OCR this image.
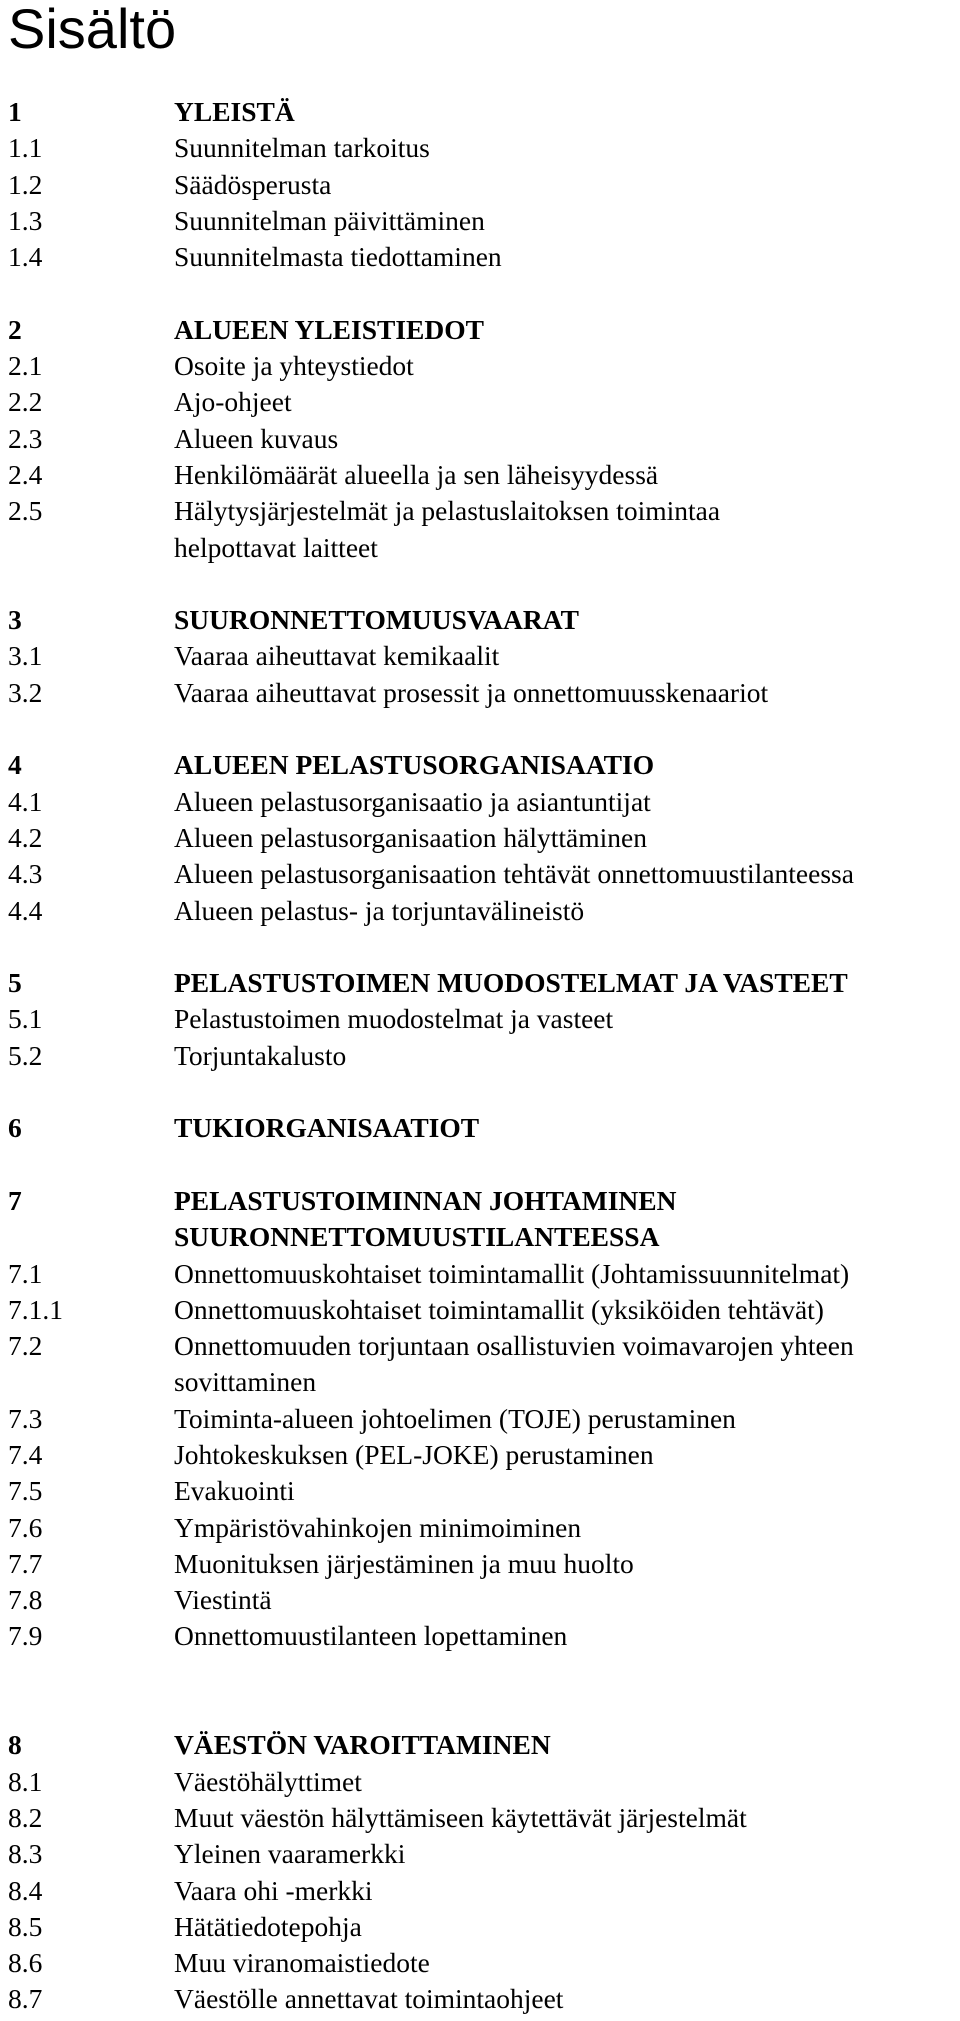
Sisältö
1	YLEISTÄ
1.1	Suunnitelman tarkoitus
1.2	Säädösperusta
1.3	Suunnitelman päivittäminen
1.4	Suunnitelmasta tiedottaminen
2	ALUEEN YLEISTIEDOT
2.1	Osoite ja yhteystiedot
2.2	Ajo-ohjeet
2.3	Alueen kuvaus
2.4	Henkilömäärät alueella ja sen läheisyydessä
2.5	Hälytysjärjestelmät ja pelastuslaitoksen toimintaa
helpottavat laitteet
3	SUURONNETTOMUUSVAARAT
3.1	Vaaraa aiheuttavat kemikaalit
3.2	Vaaraa aiheuttavat prosessit ja onnettomuusskenaariot
4	ALUEEN PELASTUSORGANISAATIO
4.1	Alueen pelastusorganisaatio ja asiantuntijat
4.2	Alueen pelastusorganisaation hälyttäminen
4.3	Alueen pelastusorganisaation tehtävät onnettomuustilanteessa
4.4	Alueen pelastus- ja torjuntavälineistö
5	PELASTUSTOIMEN MUODOSTELMAT JA VASTEET
5.1	Pelastustoimen muodostelmat ja vasteet
5.2	Torjuntakalusto
6	TUKIORGANISAATIOT
7	PELASTUSTOIMINNAN JOHTAMINEN
SUURONNETTOMUUSTILANTEESSA
7.1	Onnettomuuskohtaiset toimintamallit (Johtamissuunnitelmat)
7.1.1	Onnettomuuskohtaiset toimintamallit (yksiköiden tehtävät)
7.2	Onnettomuuden torjuntaan osallistuvien voimavarojen yhteen
sovittaminen
7.3	Toiminta-alueen johtoelimen (TOJE) perustaminen
7.4	Johtokeskuksen (PEL-JOKE) perustaminen
7.5	Evakuointi
7.6	Ympäristövahinkojen minimoiminen
7.7	Muonituksen järjestäminen ja muu huolto
7.8	Viestintä
7.9	Onnettomuustilanteen lopettaminen
8	VÄESTÖN VAROITTAMINEN
8.1	Väestöhälyttimet
8.2	Muut väestön hälyttämiseen käytettävät järjestelmät
8.3	Yleinen vaaramerkki
8.4	Vaara ohi -merkki
8.5	Hätätiedotepohja
8.6	Muu viranomaistiedote
8.7	Väestölle annettavat toimintaohjeet
